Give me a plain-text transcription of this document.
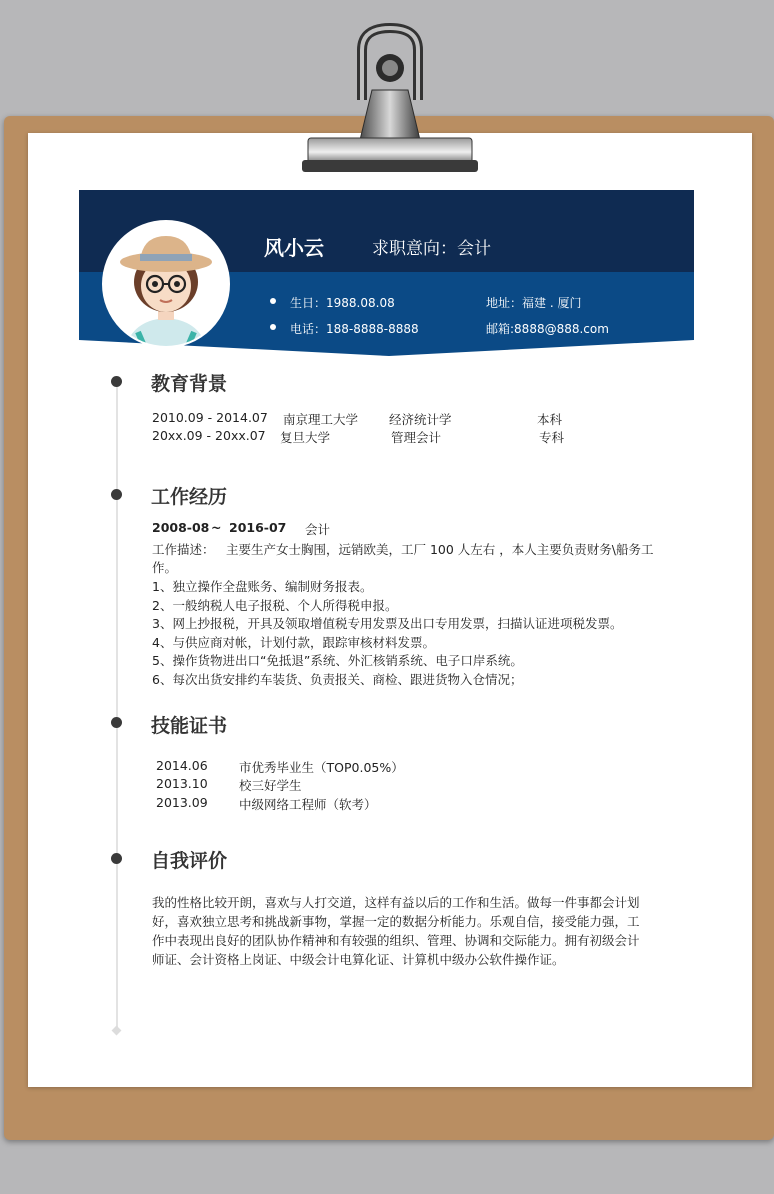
风小云	求职意向：会计
生日：1988.08.08	地址：福建 . 厦门
电话：188-8888-8888	邮箱:8888@888.com
教育背景
2010.09 - 2014.07 南京理工大学 经济统计学	本科
20xx.09 - 20xx.07 复旦大学	管理会计	专科
工作经历
2008-08 ~ 2016-07 会计
工作描述： 主要生产女士胸围，远销欧美，工厂 100 人左右 ，本人主要负责财务\船务工
作。
1、独立操作全盘账务、编制财务报表。
2、一般纳税人电子报税、个人所得税申报。
3、网上抄报税，开具及领取增值税专用发票及出口专用发票，扫描认证进项税发票。
4、与供应商对帐，计划付款，跟踪审核材料发票。
5、操作货物进出口“免抵退”系统、外汇核销系统、电子口岸系统。
6、每次出货安排约车装货、负责报关、商检、跟进货物入仓情况；
技能证书
2014.06	市优秀毕业生（TOP0.05%）
2013.10	校三好学生
2013.09	中级网络工程师（软考）
自我评价
我的性格比较开朗，喜欢与人打交道，这样有益以后的工作和生活。做每一件事都会计划
好，喜欢独立思考和挑战新事物，掌握一定的数据分析能力。乐观自信，接受能力强，工
作中表现出良好的团队协作精神和有较强的组织、管理、协调和交际能力。拥有初级会计
师证、会计资格上岗证、中级会计电算化证、计算机中级办公软件操作证。
